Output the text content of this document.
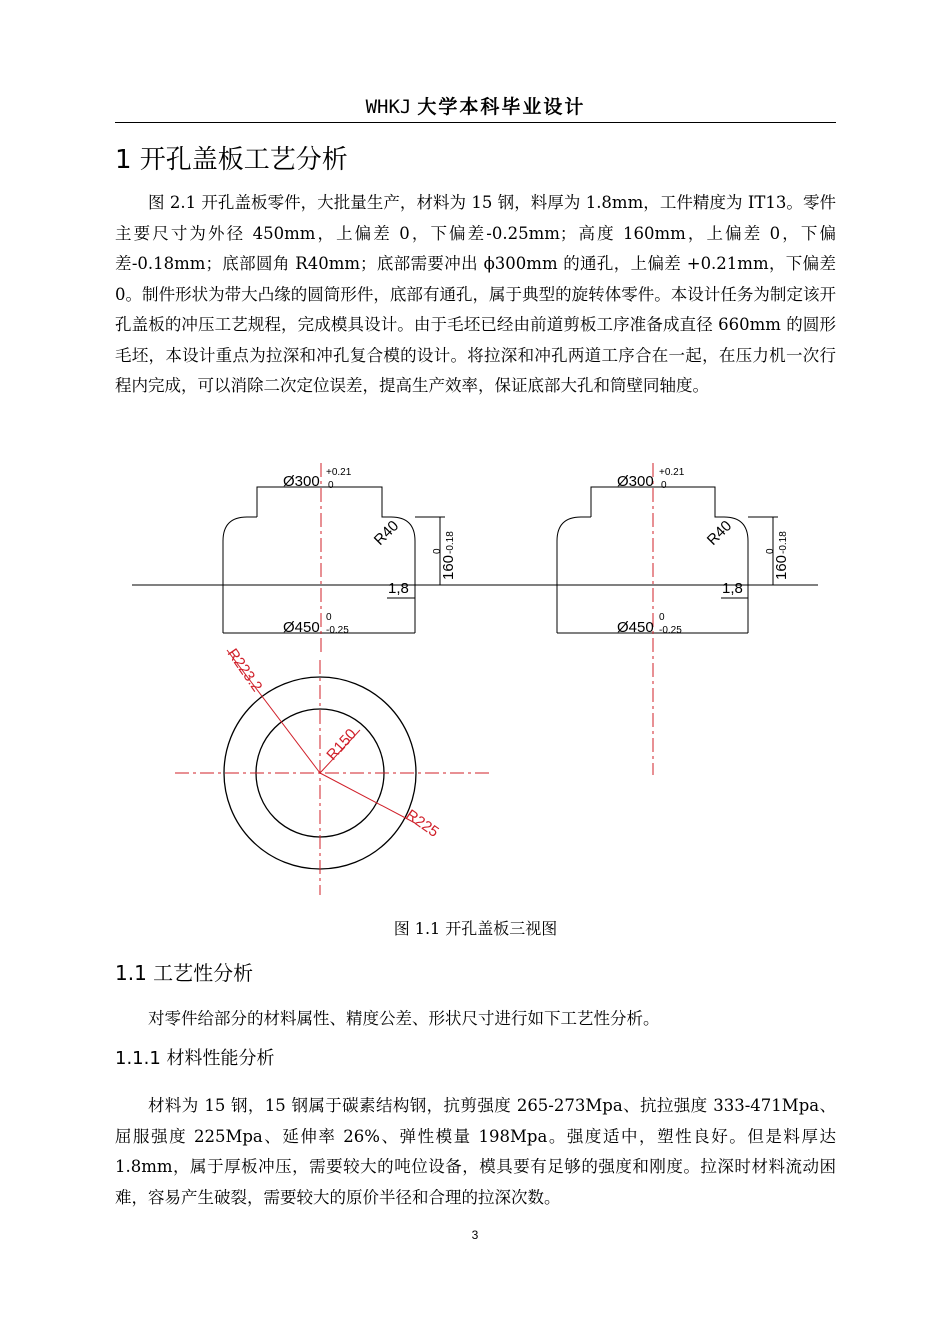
WHKJ 大学本科毕业设计
1 开孔盖板工艺分析

图 2.1 开孔盖板零件，大批量生产，材料为 15 钢，料厚为 1.8mm，工件精度为 IT13。零件主要尺寸为外径 450mm，上偏差 0，下偏差-0.25mm；高度 160mm，上偏差 0，下偏差-0.18mm；底部圆角 R40mm；底部需要冲出 ϕ300mm 的通孔，上偏差 +0.21mm，下偏差 0。制件形状为带大凸缘的圆筒形件，底部有通孔，属于典型的旋转体零件。本设计任务为制定该开孔盖板的冲压工艺规程，完成模具设计。由于毛坯已经由前道剪板工序准备成直径 660mm 的圆形毛坯，本设计重点为拉深和冲孔复合模的设计。将拉深和冲孔两道工序合在一起，在压力机一次行程内完成，可以消除二次定位误差，提高生产效率，保证底部大孔和筒壁同轴度。

Ø300 0
+0.21
R40
160
0 -0.18
1,8
Ø450
0
-0.25
Ø300 0
+0.21
R40
160
0 -0.18
1,8
Ø450
0
-0.25
R223.2
R150
R225
图 1.1 开孔盖板三视图
1.1 工艺性分析

对零件给部分的材料属性、精度公差、形状尺寸进行如下工艺性分析。

1.1.1 材料性能分析

材料为 15 钢，15 钢属于碳素结构钢，抗剪强度 265-273Mpa、抗拉强度 333-471Mpa、屈服强度 225Mpa、延伸率 26%、弹性模量 198Mpa。强度适中，塑性良好。但是料厚达 1.8mm，属于厚板冲压，需要较大的吨位设备，模具要有足够的强度和刚度。拉深时材料流动困难，容易产生破裂，需要较大的原价半径和合理的拉深次数。

3
